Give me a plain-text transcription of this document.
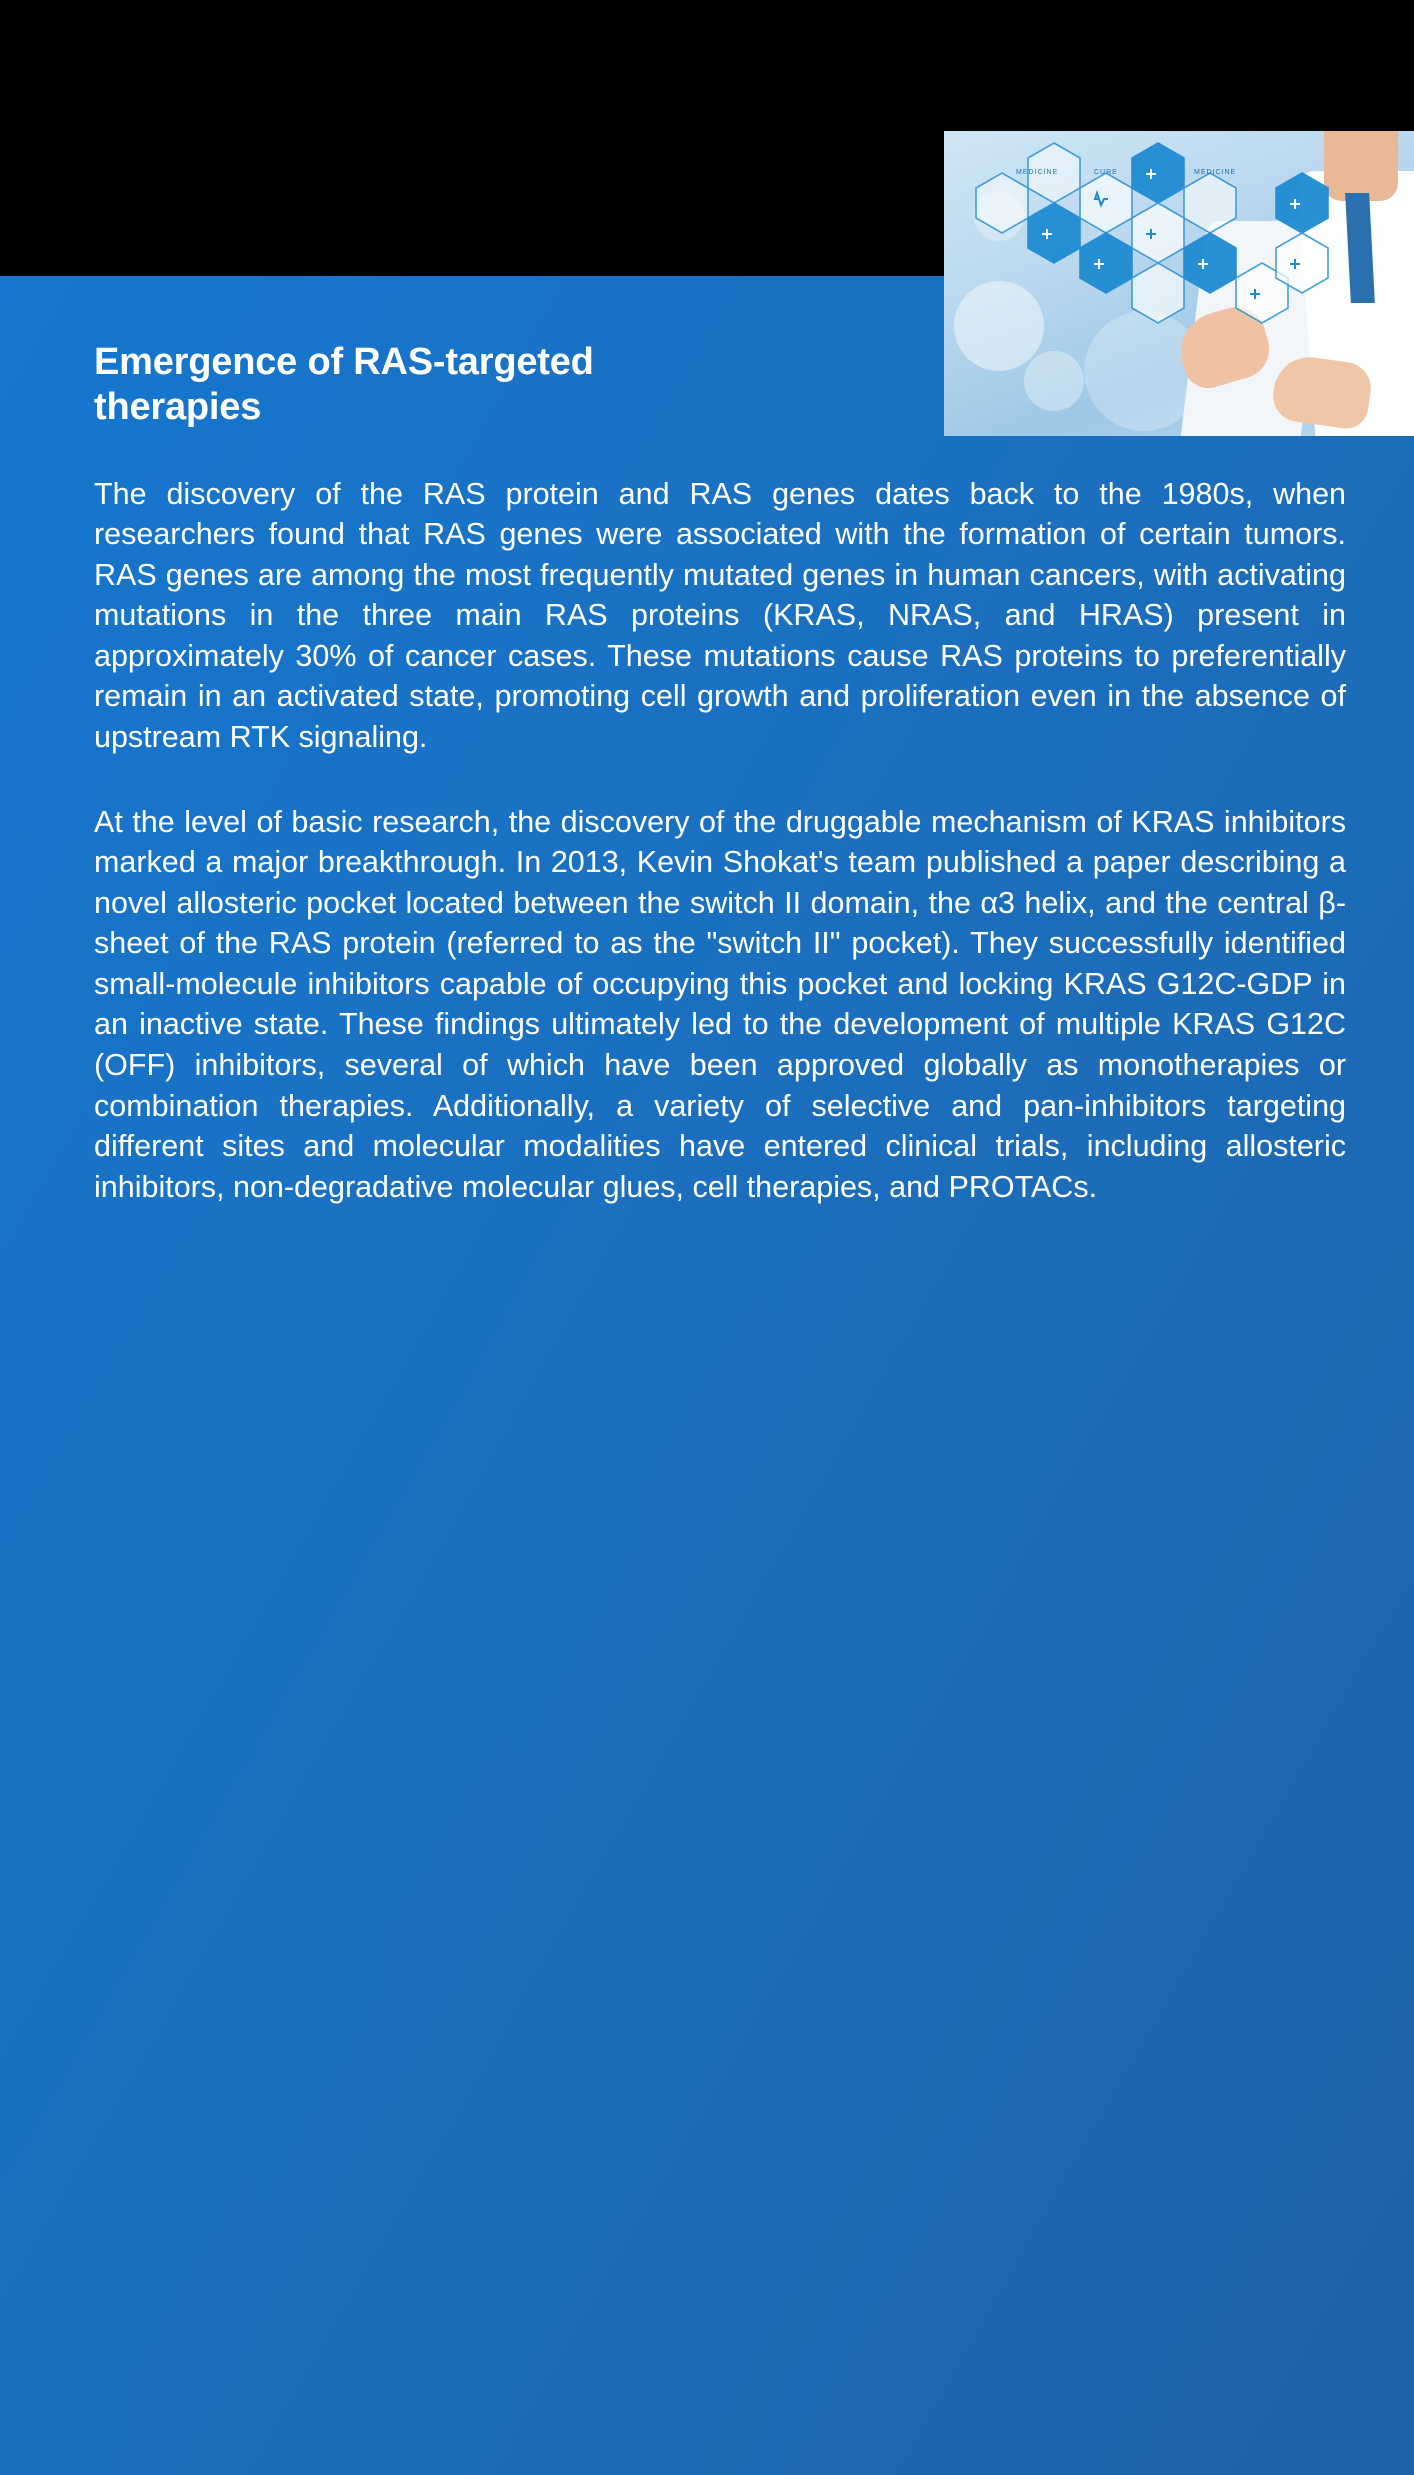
MEDICINE	CURE	MEDICINE
Emergence of RAS-targeted therapies

The discovery of the RAS protein and RAS genes dates back to the 1980s, when researchers found that RAS genes were associated with the formation of certain tumors. RAS genes are among the most frequently mutated genes in human cancers, with activating mutations in the three main RAS proteins (KRAS, NRAS, and HRAS) present in approximately 30% of cancer cases. These mutations cause RAS proteins to preferentially remain in an activated state, promoting cell growth and proliferation even in the absence of upstream RTK signaling.

At the level of basic research, the discovery of the druggable mechanism of KRAS inhibitors marked a major breakthrough. In 2013, Kevin Shokat's team published a paper describing a novel allosteric pocket located between the switch II domain, the α3 helix, and the central β-sheet of the RAS protein (referred to as the "switch II" pocket). They successfully identified small-molecule inhibitors capable of occupying this pocket and locking KRAS G12C-GDP in an inactive state. These findings ultimately led to the development of multiple KRAS G12C (OFF) inhibitors, several of which have been approved globally as monotherapies or combination therapies. Additionally, a variety of selective and pan-inhibitors targeting different sites and molecular modalities have entered clinical trials, including allosteric inhibitors, non-degradative molecular glues, cell therapies, and PROTACs.
